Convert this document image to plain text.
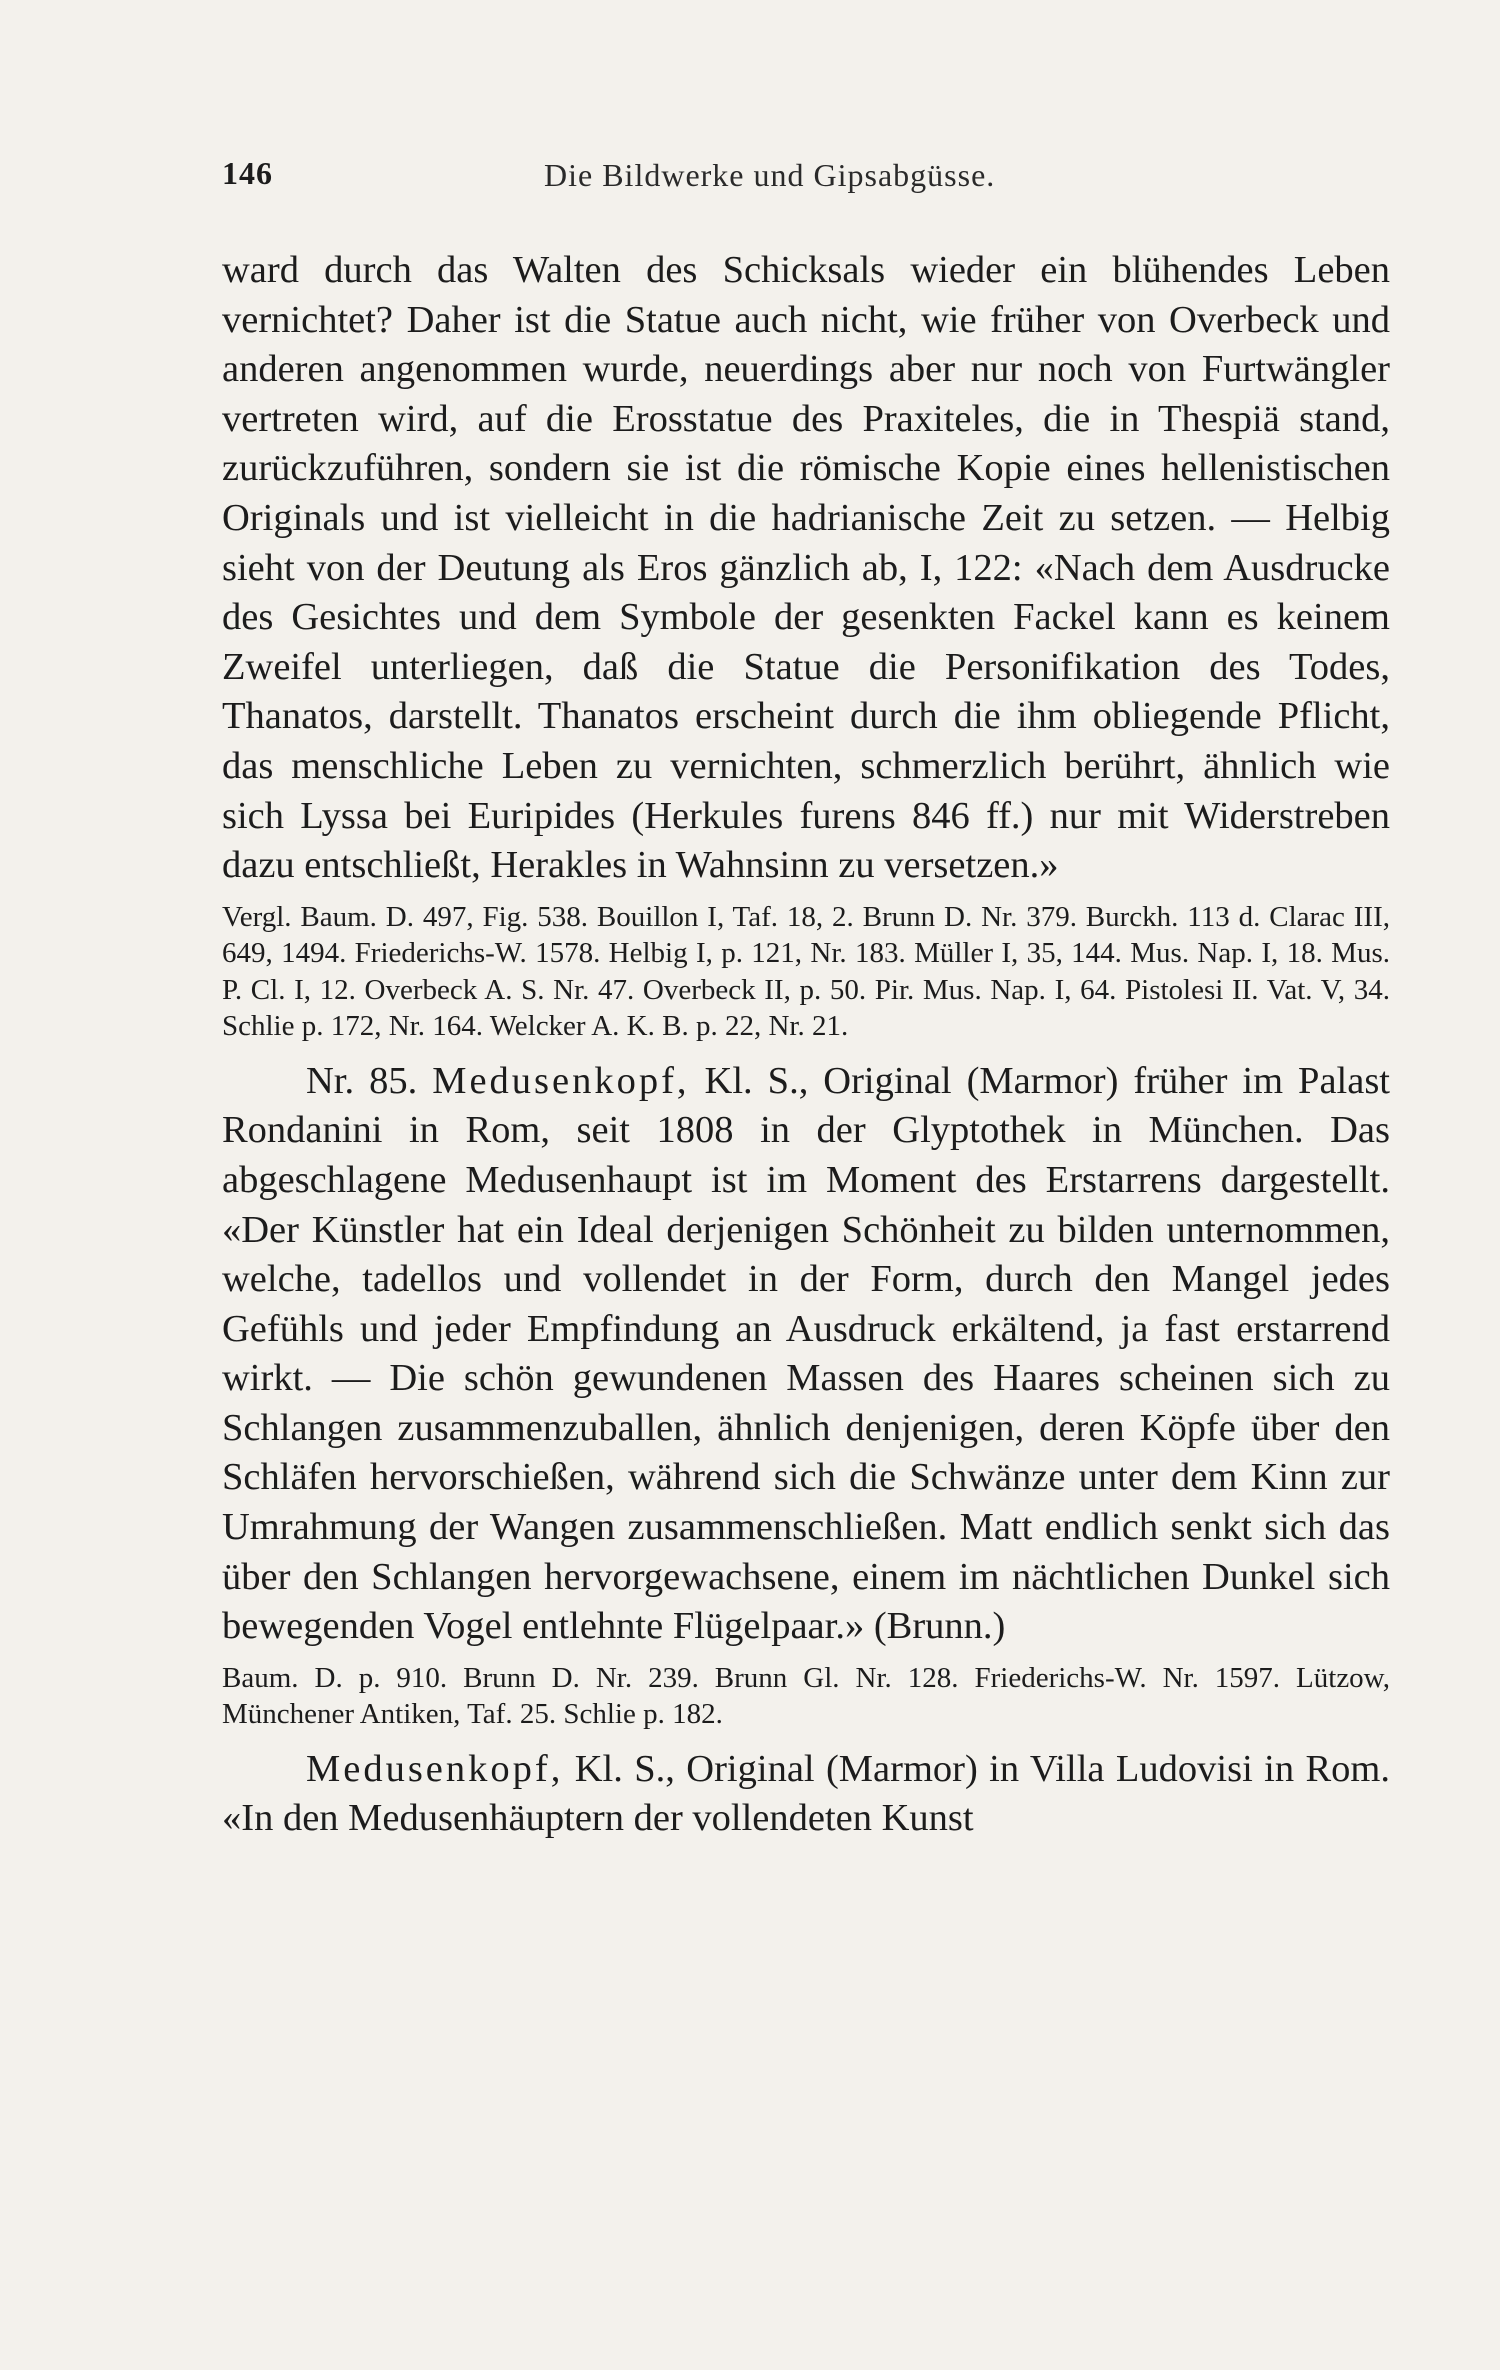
146	Die Bildwerke und Gipsabgüsse.

ward durch das Walten des Schicksals wieder ein blühendes Leben vernichtet? Daher ist die Statue auch nicht, wie früher von Overbeck und anderen angenommen wurde, neuerdings aber nur noch von Furtwängler vertreten wird, auf die Erosstatue des Praxiteles, die in Thespiä stand, zurückzuführen, sondern sie ist die römische Kopie eines hellenistischen Originals und ist vielleicht in die hadrianische Zeit zu setzen. — Helbig sieht von der Deutung als Eros gänzlich ab, I, 122: «Nach dem Ausdrucke des Gesichtes und dem Symbole der gesenkten Fackel kann es keinem Zweifel unterliegen, daß die Statue die Personifikation des Todes, Thanatos, darstellt. Thanatos erscheint durch die ihm obliegende Pflicht, das menschliche Leben zu vernichten, schmerzlich berührt, ähnlich wie sich Lyssa bei Euripides (Herkules furens 846 ff.) nur mit Widerstreben dazu entschließt, Herakles in Wahnsinn zu versetzen.»

Vergl. Baum. D. 497, Fig. 538. Bouillon I, Taf. 18, 2. Brunn D. Nr. 379. Burckh. 113 d. Clarac III, 649, 1494. Friederichs-W. 1578. Helbig I, p. 121, Nr. 183. Müller I, 35, 144. Mus. Nap. I, 18. Mus. P. Cl. I, 12. Overbeck A. S. Nr. 47. Overbeck II, p. 50. Pir. Mus. Nap. I, 64. Pistolesi II. Vat. V, 34. Schlie p. 172, Nr. 164. Welcker A. K. B. p. 22, Nr. 21.

Nr. 85. Medusenkopf, Kl. S., Original (Marmor) früher im Palast Rondanini in Rom, seit 1808 in der Glyptothek in München. Das abgeschlagene Medusenhaupt ist im Moment des Erstarrens dargestellt. «Der Künstler hat ein Ideal derjenigen Schönheit zu bilden unternommen, welche, tadellos und vollendet in der Form, durch den Mangel jedes Gefühls und jeder Empfindung an Ausdruck erkältend, ja fast erstarrend wirkt. — Die schön gewundenen Massen des Haares scheinen sich zu Schlangen zusammenzuballen, ähnlich denjenigen, deren Köpfe über den Schläfen hervorschießen, während sich die Schwänze unter dem Kinn zur Umrahmung der Wangen zusammenschließen. Matt endlich senkt sich das über den Schlangen hervorgewachsene, einem im nächtlichen Dunkel sich bewegenden Vogel entlehnte Flügelpaar.» (Brunn.)

Baum. D. p. 910. Brunn D. Nr. 239. Brunn Gl. Nr. 128. Friederichs-W. Nr. 1597. Lützow, Münchener Antiken, Taf. 25. Schlie p. 182.

Medusenkopf, Kl. S., Original (Marmor) in Villa Ludovisi in Rom. «In den Medusenhäuptern der vollendeten Kunst
